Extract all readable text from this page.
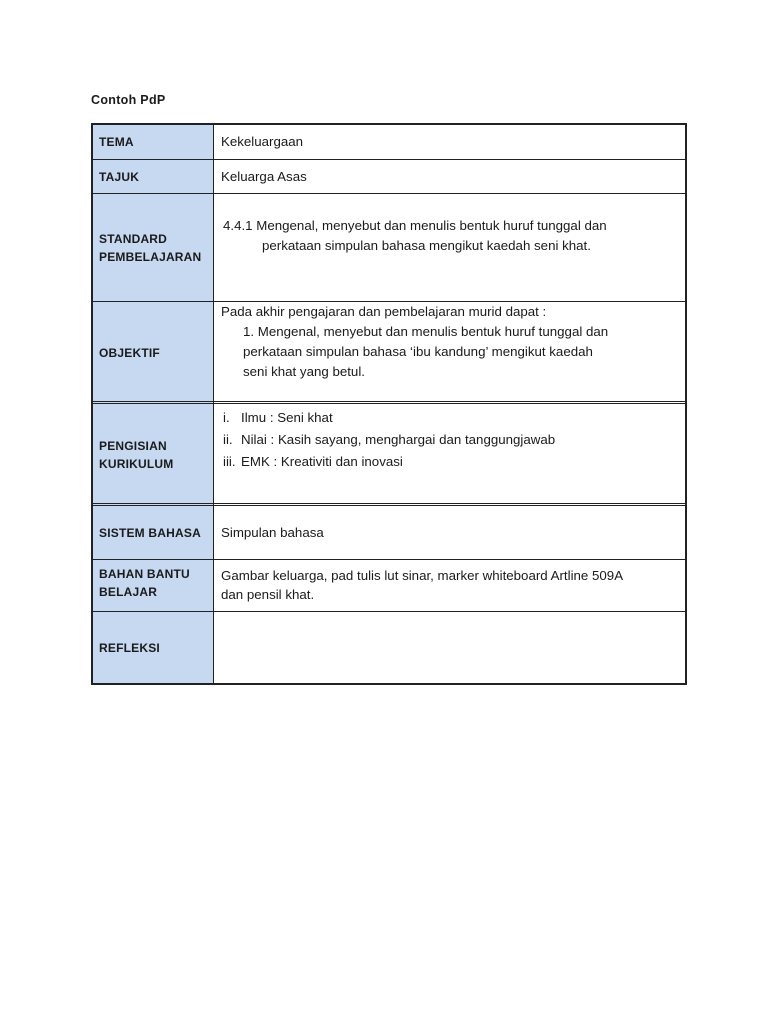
Contoh PdP
TEMA	Kekeluargaan
TAJUK	Keluarga Asas
STANDARD
PEMBELAJARAN
4.4.1 Mengenal, menyebut dan menulis bentuk huruf tunggal dan
perkataan simpulan bahasa mengikut kaedah seni khat.
OBJEKTIF
Pada akhir pengajaran dan pembelajaran murid dapat :
1. Mengenal, menyebut dan menulis bentuk huruf tunggal dan
perkataan simpulan bahasa ‘ibu kandung’ mengikut kaedah
seni khat yang betul.
PENGISIAN
KURIKULUM
i. Ilmu : Seni khat
ii. Nilai : Kasih sayang, menghargai dan tanggungjawab
iii. EMK : Kreativiti dan inovasi
SISTEM BAHASA Simpulan bahasa
BAHAN BANTU
BELAJAR
Gambar keluarga, pad tulis lut sinar, marker whiteboard Artline 509A
dan pensil khat.
REFLEKSI
